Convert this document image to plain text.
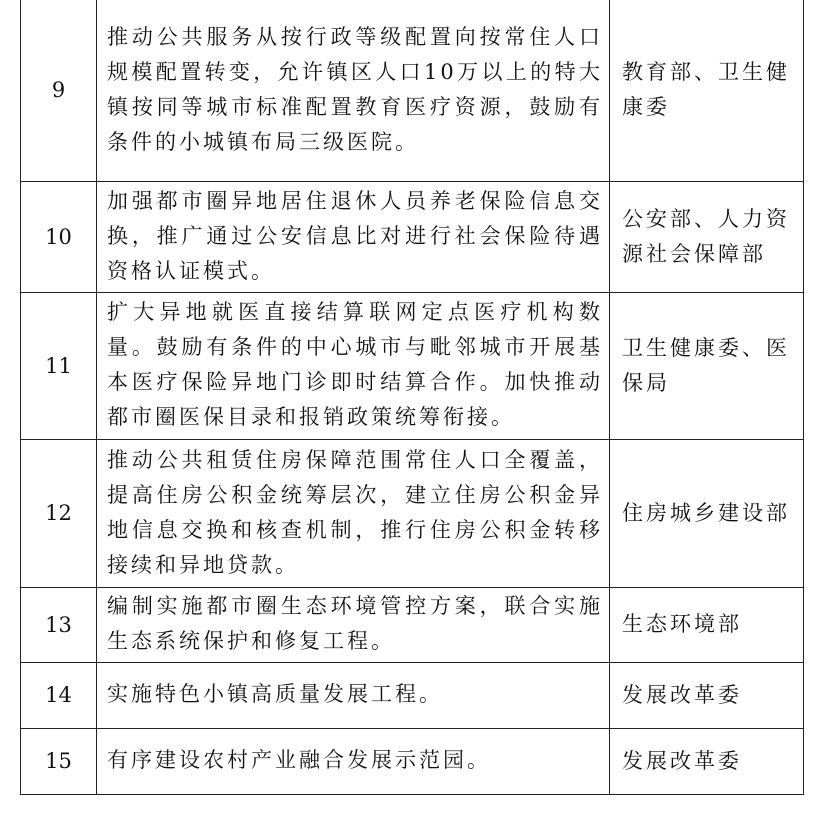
9	推动公共服务从按行政等级配置向按常住人口规模配置转变，允许镇区人口10万以上的特大镇按同等城市标准配置教育医疗资源，鼓励有条件的小城镇布局三级医院。	教育部、卫生健康委

10	加强都市圈异地居住退休人员养老保险信息交换，推广通过公安信息比对进行社会保险待遇资格认证模式。	公安部、人力资源社会保障部

11	扩大异地就医直接结算联网定点医疗机构数量。鼓励有条件的中心城市与毗邻城市开展基本医疗保险异地门诊即时结算合作。加快推动都市圈医保目录和报销政策统筹衔接。	卫生健康委、医保局

12	推动公共租赁住房保障范围常住人口全覆盖，提高住房公积金统筹层次，建立住房公积金异地信息交换和核查机制，推行住房公积金转移接续和异地贷款。	住房城乡建设部

13	编制实施都市圈生态环境管控方案，联合实施生态系统保护和修复工程。	生态环境部

14	实施特色小镇高质量发展工程。	发展改革委

15	有序建设农村产业融合发展示范园。	发展改革委
